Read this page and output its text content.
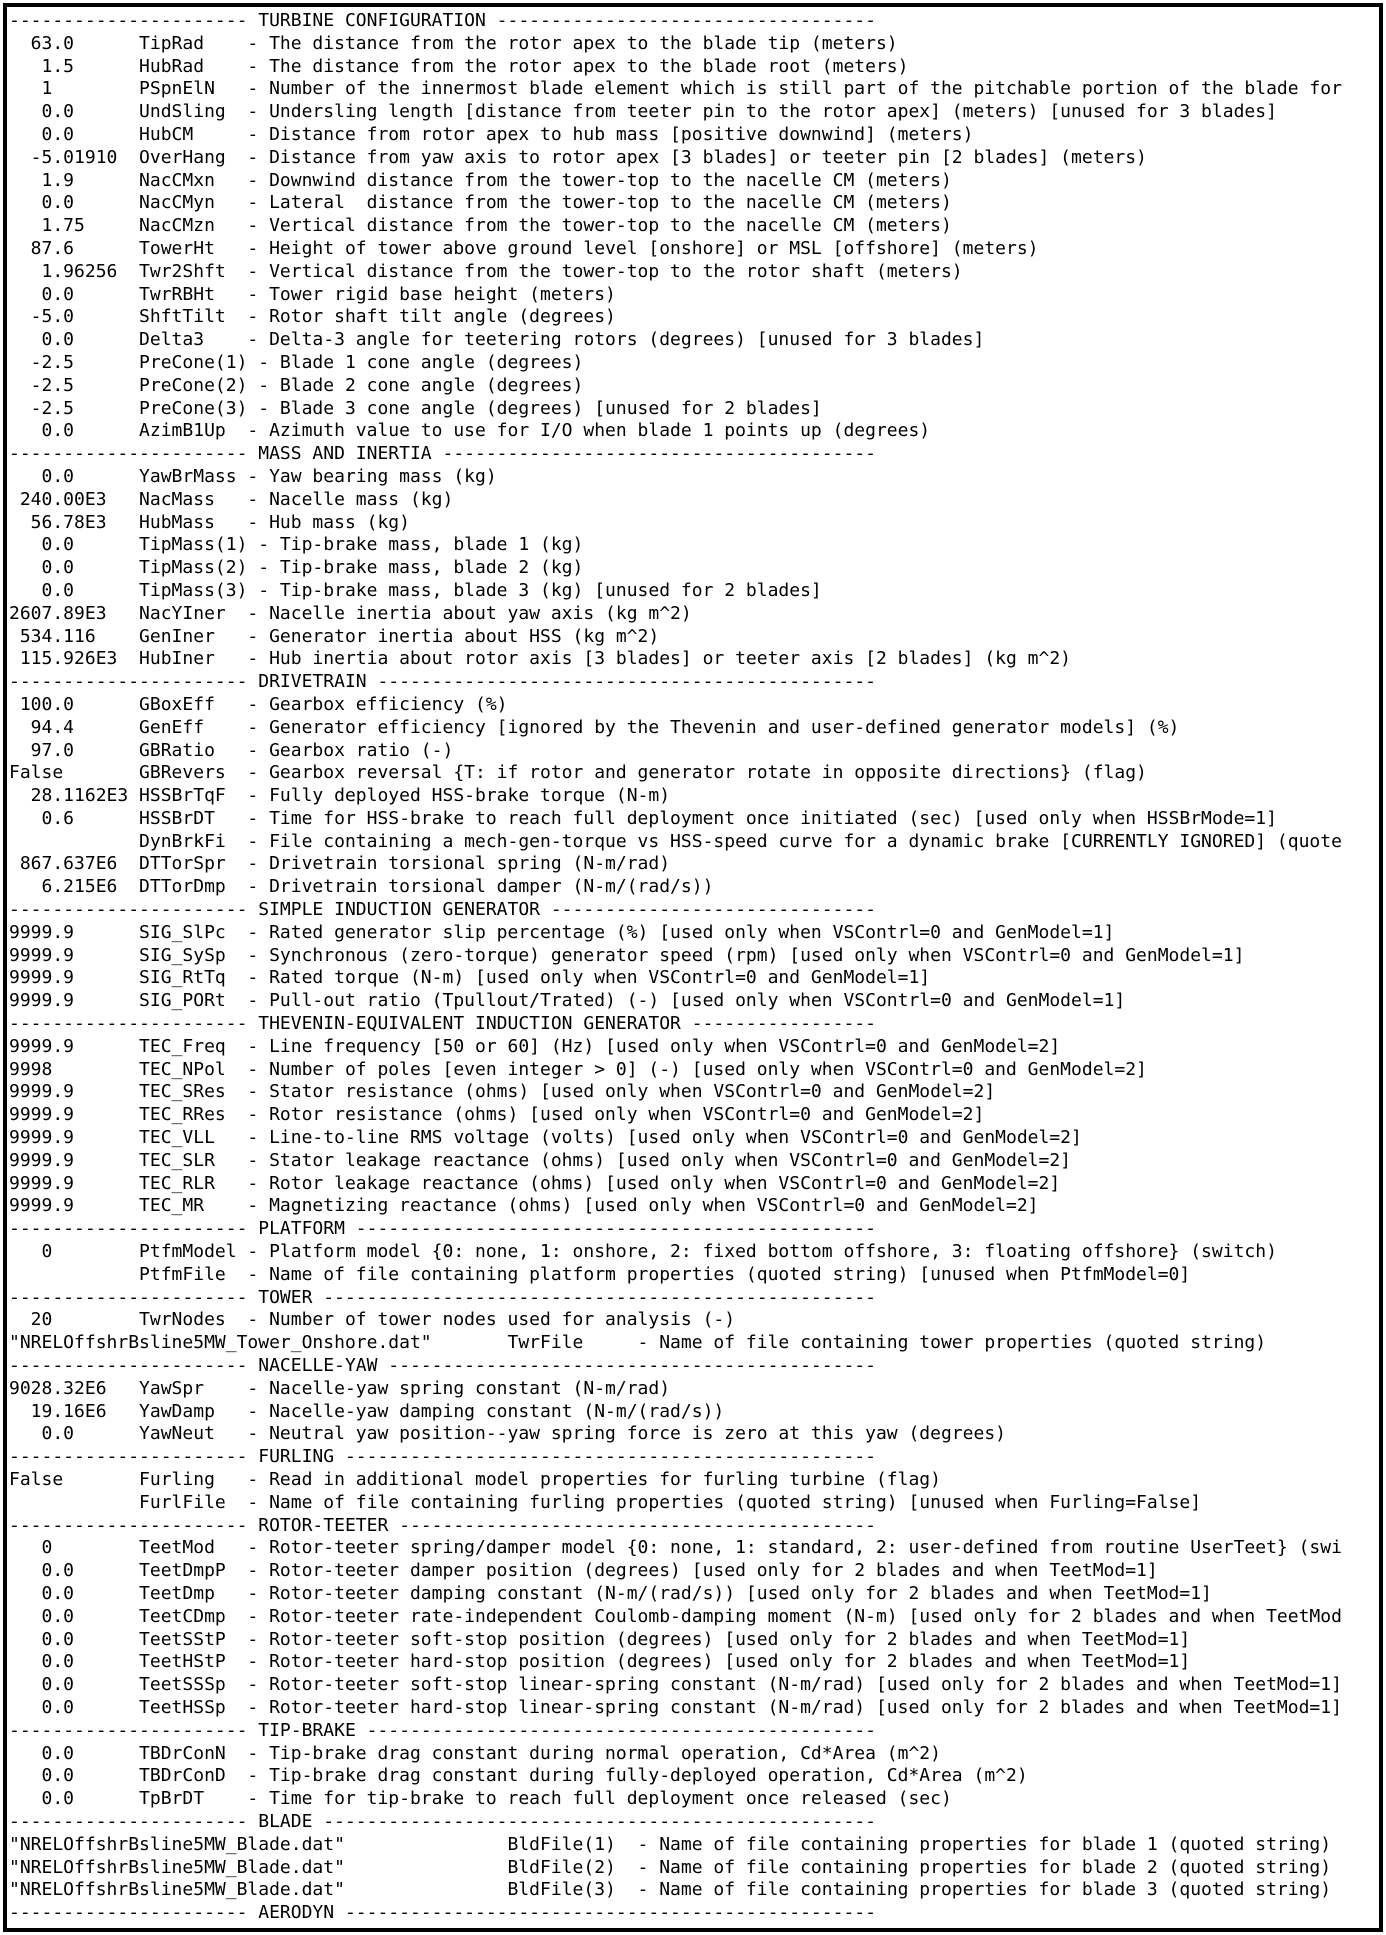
---------------------- TURBINE CONFIGURATION -----------------------------------
63.0      TipRad    - The distance from the rotor apex to the blade tip (meters)
1.5      HubRad    - The distance from the rotor apex to the blade root (meters)
1        PSpnElN   - Number of the innermost blade element which is still part of the pitchable portion of the blade for
0.0      UndSling  - Undersling length [distance from teeter pin to the rotor apex] (meters) [unused for 3 blades]
0.0      HubCM     - Distance from rotor apex to hub mass [positive downwind] (meters)
-5.01910  OverHang  - Distance from yaw axis to rotor apex [3 blades] or teeter pin [2 blades] (meters)
1.9      NacCMxn   - Downwind distance from the tower-top to the nacelle CM (meters)
0.0      NacCMyn   - Lateral  distance from the tower-top to the nacelle CM (meters)
1.75     NacCMzn   - Vertical distance from the tower-top to the nacelle CM (meters)
87.6      TowerHt   - Height of tower above ground level [onshore] or MSL [offshore] (meters)
1.96256  Twr2Shft  - Vertical distance from the tower-top to the rotor shaft (meters)
0.0      TwrRBHt   - Tower rigid base height (meters)
-5.0      ShftTilt  - Rotor shaft tilt angle (degrees)
0.0      Delta3    - Delta-3 angle for teetering rotors (degrees) [unused for 3 blades]
-2.5      PreCone(1) - Blade 1 cone angle (degrees)
-2.5      PreCone(2) - Blade 2 cone angle (degrees)
-2.5      PreCone(3) - Blade 3 cone angle (degrees) [unused for 2 blades]
0.0      AzimB1Up  - Azimuth value to use for I/O when blade 1 points up (degrees)
---------------------- MASS AND INERTIA ----------------------------------------
0.0      YawBrMass - Yaw bearing mass (kg)
240.00E3   NacMass   - Nacelle mass (kg)
56.78E3   HubMass   - Hub mass (kg)
0.0      TipMass(1) - Tip-brake mass, blade 1 (kg)
0.0      TipMass(2) - Tip-brake mass, blade 2 (kg)
0.0      TipMass(3) - Tip-brake mass, blade 3 (kg) [unused for 2 blades]
2607.89E3   NacYIner  - Nacelle inertia about yaw axis (kg m^2)
534.116    GenIner   - Generator inertia about HSS (kg m^2)
115.926E3  HubIner   - Hub inertia about rotor axis [3 blades] or teeter axis [2 blades] (kg m^2)
---------------------- DRIVETRAIN ----------------------------------------------
100.0      GBoxEff   - Gearbox efficiency (%)
94.4      GenEff    - Generator efficiency [ignored by the Thevenin and user-defined generator models] (%)
97.0      GBRatio   - Gearbox ratio (-)
False       GBRevers  - Gearbox reversal {T: if rotor and generator rotate in opposite directions} (flag)
28.1162E3 HSSBrTqF  - Fully deployed HSS-brake torque (N-m)
0.6      HSSBrDT   - Time for HSS-brake to reach full deployment once initiated (sec) [used only when HSSBrMode=1]
DynBrkFi  - File containing a mech-gen-torque vs HSS-speed curve for a dynamic brake [CURRENTLY IGNORED] (quote
867.637E6  DTTorSpr  - Drivetrain torsional spring (N-m/rad)
6.215E6  DTTorDmp  - Drivetrain torsional damper (N-m/(rad/s))
---------------------- SIMPLE INDUCTION GENERATOR ------------------------------
9999.9      SIG_SlPc  - Rated generator slip percentage (%) [used only when VSContrl=0 and GenModel=1]
9999.9      SIG_SySp  - Synchronous (zero-torque) generator speed (rpm) [used only when VSContrl=0 and GenModel=1]
9999.9      SIG_RtTq  - Rated torque (N-m) [used only when VSContrl=0 and GenModel=1]
9999.9      SIG_PORt  - Pull-out ratio (Tpullout/Trated) (-) [used only when VSContrl=0 and GenModel=1]
---------------------- THEVENIN-EQUIVALENT INDUCTION GENERATOR -----------------
9999.9      TEC_Freq  - Line frequency [50 or 60] (Hz) [used only when VSContrl=0 and GenModel=2]
9998        TEC_NPol  - Number of poles [even integer > 0] (-) [used only when VSContrl=0 and GenModel=2]
9999.9      TEC_SRes  - Stator resistance (ohms) [used only when VSContrl=0 and GenModel=2]
9999.9      TEC_RRes  - Rotor resistance (ohms) [used only when VSContrl=0 and GenModel=2]
9999.9      TEC_VLL   - Line-to-line RMS voltage (volts) [used only when VSContrl=0 and GenModel=2]
9999.9      TEC_SLR   - Stator leakage reactance (ohms) [used only when VSContrl=0 and GenModel=2]
9999.9      TEC_RLR   - Rotor leakage reactance (ohms) [used only when VSContrl=0 and GenModel=2]
9999.9      TEC_MR    - Magnetizing reactance (ohms) [used only when VSContrl=0 and GenModel=2]
---------------------- PLATFORM ------------------------------------------------
0        PtfmModel - Platform model {0: none, 1: onshore, 2: fixed bottom offshore, 3: floating offshore} (switch)
PtfmFile  - Name of file containing platform properties (quoted string) [unused when PtfmModel=0]
---------------------- TOWER ---------------------------------------------------
20        TwrNodes  - Number of tower nodes used for analysis (-)
"NRELOffshrBsline5MW_Tower_Onshore.dat"       TwrFile     - Name of file containing tower properties (quoted string)
---------------------- NACELLE-YAW ---------------------------------------------
9028.32E6   YawSpr    - Nacelle-yaw spring constant (N-m/rad)
19.16E6   YawDamp   - Nacelle-yaw damping constant (N-m/(rad/s))
0.0      YawNeut   - Neutral yaw position--yaw spring force is zero at this yaw (degrees)
---------------------- FURLING -------------------------------------------------
False       Furling   - Read in additional model properties for furling turbine (flag)
FurlFile  - Name of file containing furling properties (quoted string) [unused when Furling=False]
---------------------- ROTOR-TEETER --------------------------------------------
0        TeetMod   - Rotor-teeter spring/damper model {0: none, 1: standard, 2: user-defined from routine UserTeet} (swi
0.0      TeetDmpP  - Rotor-teeter damper position (degrees) [used only for 2 blades and when TeetMod=1]
0.0      TeetDmp   - Rotor-teeter damping constant (N-m/(rad/s)) [used only for 2 blades and when TeetMod=1]
0.0      TeetCDmp  - Rotor-teeter rate-independent Coulomb-damping moment (N-m) [used only for 2 blades and when TeetMod
0.0      TeetSStP  - Rotor-teeter soft-stop position (degrees) [used only for 2 blades and when TeetMod=1]
0.0      TeetHStP  - Rotor-teeter hard-stop position (degrees) [used only for 2 blades and when TeetMod=1]
0.0      TeetSSSp  - Rotor-teeter soft-stop linear-spring constant (N-m/rad) [used only for 2 blades and when TeetMod=1]
0.0      TeetHSSp  - Rotor-teeter hard-stop linear-spring constant (N-m/rad) [used only for 2 blades and when TeetMod=1]
---------------------- TIP-BRAKE -----------------------------------------------
0.0      TBDrConN  - Tip-brake drag constant during normal operation, Cd*Area (m^2)
0.0      TBDrConD  - Tip-brake drag constant during fully-deployed operation, Cd*Area (m^2)
0.0      TpBrDT    - Time for tip-brake to reach full deployment once released (sec)
---------------------- BLADE ---------------------------------------------------
"NRELOffshrBsline5MW_Blade.dat"               BldFile(1)  - Name of file containing properties for blade 1 (quoted string)
"NRELOffshrBsline5MW_Blade.dat"               BldFile(2)  - Name of file containing properties for blade 2 (quoted string)
"NRELOffshrBsline5MW_Blade.dat"               BldFile(3)  - Name of file containing properties for blade 3 (quoted string)
---------------------- AERODYN -------------------------------------------------
